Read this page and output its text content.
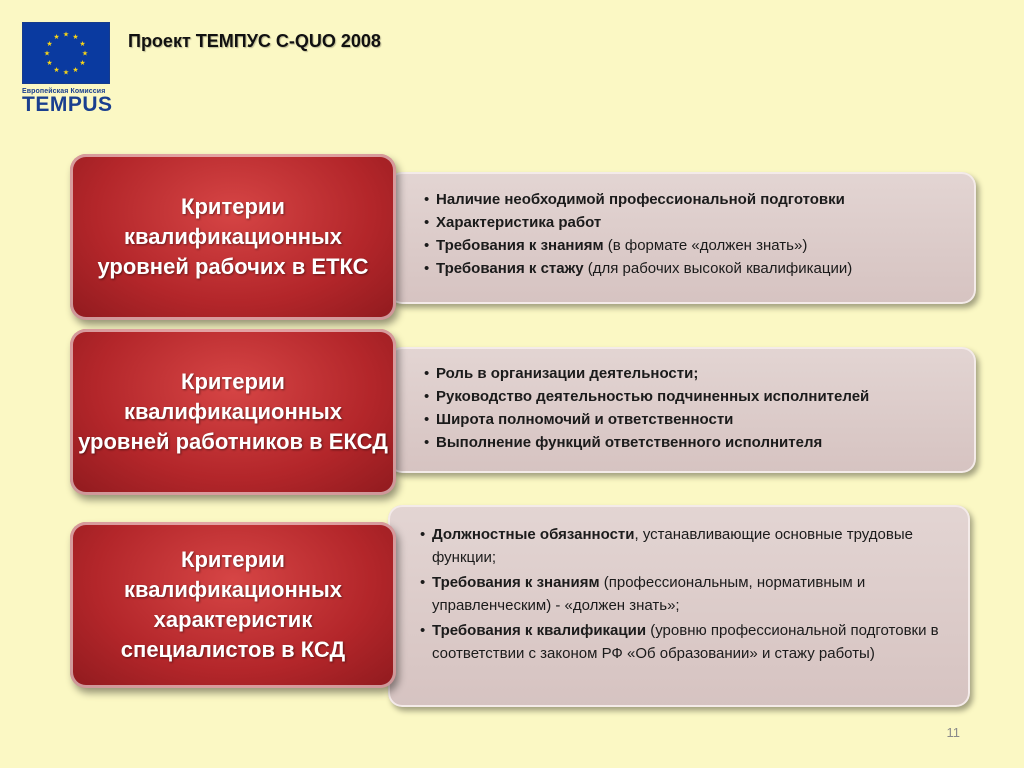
★ ★
★
★
★
★
★
★
★
★
★
★
Европейская Комиссия
TEMPUS
Проект ТЕМПУС C-QUO 2008
Критерии квалификационных уровней рабочих в ЕТКС
• Наличие необходимой профессиональной подготовки
• Характеристика работ
• Требования к знаниям (в формате «должен знать»)
• Требования к стажу (для рабочих высокой квалификации)
Критерии квалификационных уровней работников в ЕКСД
• Роль в организации деятельности;
• Руководство деятельностью подчиненных исполнителей
• Широта полномочий и ответственности
• Выполнение функций ответственного исполнителя
Критерии квалификационных характеристик специалистов в КСД
• Должностные обязанности, устанавливающие основные трудовые функции;
• Требования к знаниям (профессиональным, нормативным и управленческим) - «должен знать»;
• Требования к квалификации (уровню профессиональной подготовки в соответствии с законом РФ «Об образовании» и стажу работы)
11
